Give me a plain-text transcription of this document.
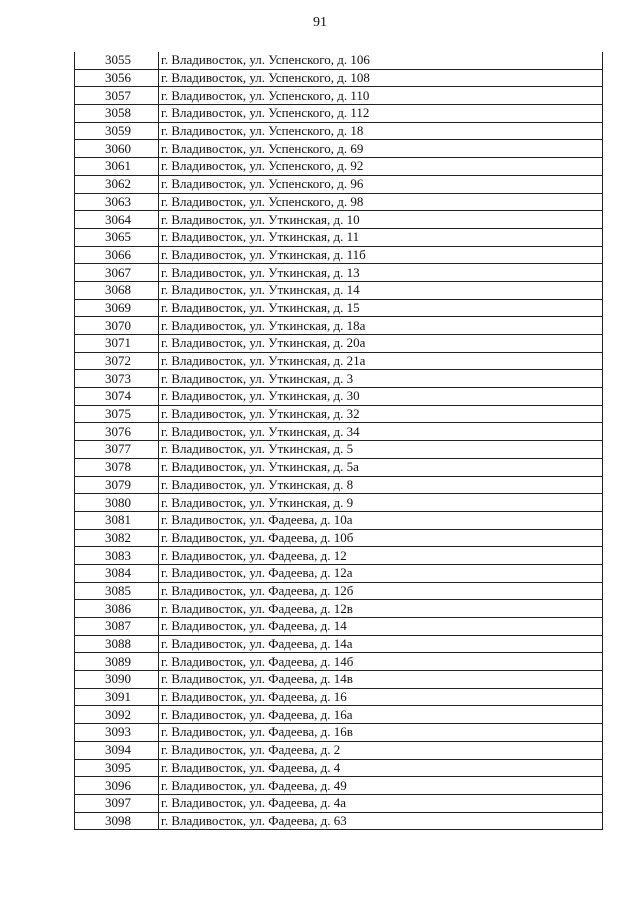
91
3055	г. Владивосток, ул. Успенского, д. 106
3056	г. Владивосток, ул. Успенского, д. 108
3057	г. Владивосток, ул. Успенского, д. 110
3058	г. Владивосток, ул. Успенского, д. 112
3059	г. Владивосток, ул. Успенского, д. 18
3060	г. Владивосток, ул. Успенского, д. 69
3061	г. Владивосток, ул. Успенского, д. 92
3062	г. Владивосток, ул. Успенского, д. 96
3063	г. Владивосток, ул. Успенского, д. 98
3064	г. Владивосток, ул. Уткинская, д. 10
3065	г. Владивосток, ул. Уткинская, д. 11
3066	г. Владивосток, ул. Уткинская, д. 11б
3067	г. Владивосток, ул. Уткинская, д. 13
3068	г. Владивосток, ул. Уткинская, д. 14
3069	г. Владивосток, ул. Уткинская, д. 15
3070	г. Владивосток, ул. Уткинская, д. 18а
3071	г. Владивосток, ул. Уткинская, д. 20а
3072	г. Владивосток, ул. Уткинская, д. 21а
3073	г. Владивосток, ул. Уткинская, д. 3
3074	г. Владивосток, ул. Уткинская, д. 30
3075	г. Владивосток, ул. Уткинская, д. 32
3076	г. Владивосток, ул. Уткинская, д. 34
3077	г. Владивосток, ул. Уткинская, д. 5
3078	г. Владивосток, ул. Уткинская, д. 5а
3079	г. Владивосток, ул. Уткинская, д. 8
3080	г. Владивосток, ул. Уткинская, д. 9
3081	г. Владивосток, ул. Фадеева, д. 10а
3082	г. Владивосток, ул. Фадеева, д. 10б
3083	г. Владивосток, ул. Фадеева, д. 12
3084	г. Владивосток, ул. Фадеева, д. 12а
3085	г. Владивосток, ул. Фадеева, д. 12б
3086	г. Владивосток, ул. Фадеева, д. 12в
3087	г. Владивосток, ул. Фадеева, д. 14
3088	г. Владивосток, ул. Фадеева, д. 14а
3089	г. Владивосток, ул. Фадеева, д. 14б
3090	г. Владивосток, ул. Фадеева, д. 14в
3091	г. Владивосток, ул. Фадеева, д. 16
3092	г. Владивосток, ул. Фадеева, д. 16а
3093	г. Владивосток, ул. Фадеева, д. 16в
3094	г. Владивосток, ул. Фадеева, д. 2
3095	г. Владивосток, ул. Фадеева, д. 4
3096	г. Владивосток, ул. Фадеева, д. 49
3097	г. Владивосток, ул. Фадеева, д. 4а
3098	г. Владивосток, ул. Фадеева, д. 63
